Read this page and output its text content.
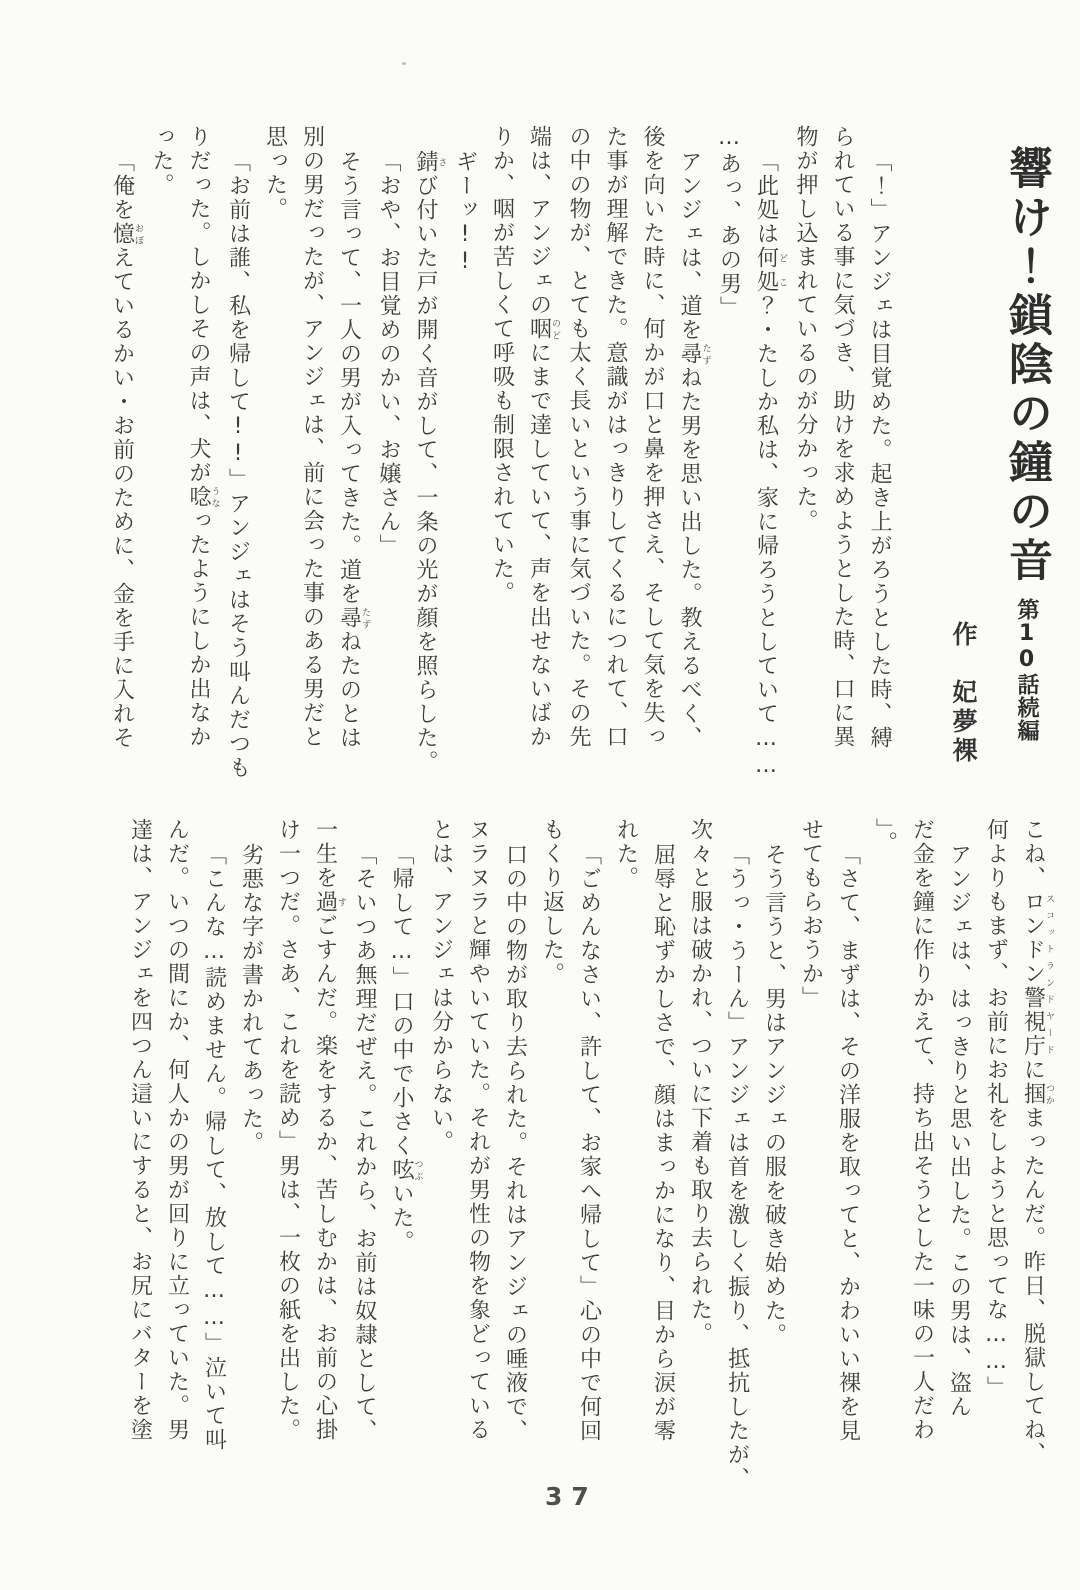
響け！鎖陰の鐘の音第10話続編
作　妃夢裸
「！」アンジェは目覚めた。起き上がろうとした時、縛
られている事に気づき、助けを求めようとした時、口に異
物が押し込まれているのが分かった。
「此処は何処どこ？・たしか私は、家に帰ろうとしていて……
…あっ、あの男」
アンジェは、道を尋たずねた男を思い出した。教えるべく、
後を向いた時に、何かが口と鼻を押さえ、そして気を失っ
た事が理解できた。意識がはっきりしてくるにつれて、口
の中の物が、とても太く長いという事に気づいた。その先
端は、アンジェの咽のどにまで達していて、声を出せないばか
りか、咽が苦しくて呼吸も制限されていた。
ギーッ!!
錆さび付いた戸が開く音がして、一条の光が顔を照らした。
「おや、お目覚めのかい、お嬢さん」
そう言って、一人の男が入ってきた。道を尋たずねたのとは
別の男だったが、アンジェは、前に会った事のある男だと
思った。
「お前は誰、私を帰して!!」アンジェはそう叫んだつも
りだった。しかしその声は、犬が唸うなったようにしか出なか
った。
「俺を憶おぼえているかい・お前のために、金を手に入れそ
こね、ロンドン警視庁スコットランドヤードに掴つかまったんだ。昨日、脱獄してね、
何よりもまず、お前にお礼をしようと思ってな……」
アンジェは、はっきりと思い出した。この男は、盗ん
だ金を鐘に作りかえて、持ち出そうとした一味の一人だわ
」。
「さて、まずは、その洋服を取ってと、かわいい裸を見
せてもらおうか」
そう言うと、男はアンジェの服を破き始めた。
「うっ・うーん」アンジェは首を激しく振り、抵抗したが、
次々と服は破かれ、ついに下着も取り去られた。
屈辱と恥ずかしさで、顔はまっかになり、目から涙が零
れた。
「ごめんなさい、許して、お家へ帰して」心の中で何回
もくり返した。
口の中の物が取り去られた。それはアンジェの唾液で、
ヌラヌラと輝やいていた。それが男性の物を象どっている
とは、アンジェは分からない。
「帰して…」口の中で小さく呟つぶいた。
「そいつあ無理だぜえ。これから、お前は奴隷として、
一生を過すごすんだ。楽をするか、苦しむかは、お前の心掛
け一つだ。さあ、これを読め」男は、一枚の紙を出した。
劣悪な字が書かれてあった。
「こんな…読めません。帰して、放して……」泣いて叫
んだ。いつの間にか、何人かの男が回りに立っていた。男
達は、アンジェを四つん這いにすると、お尻にバターを塗
37
